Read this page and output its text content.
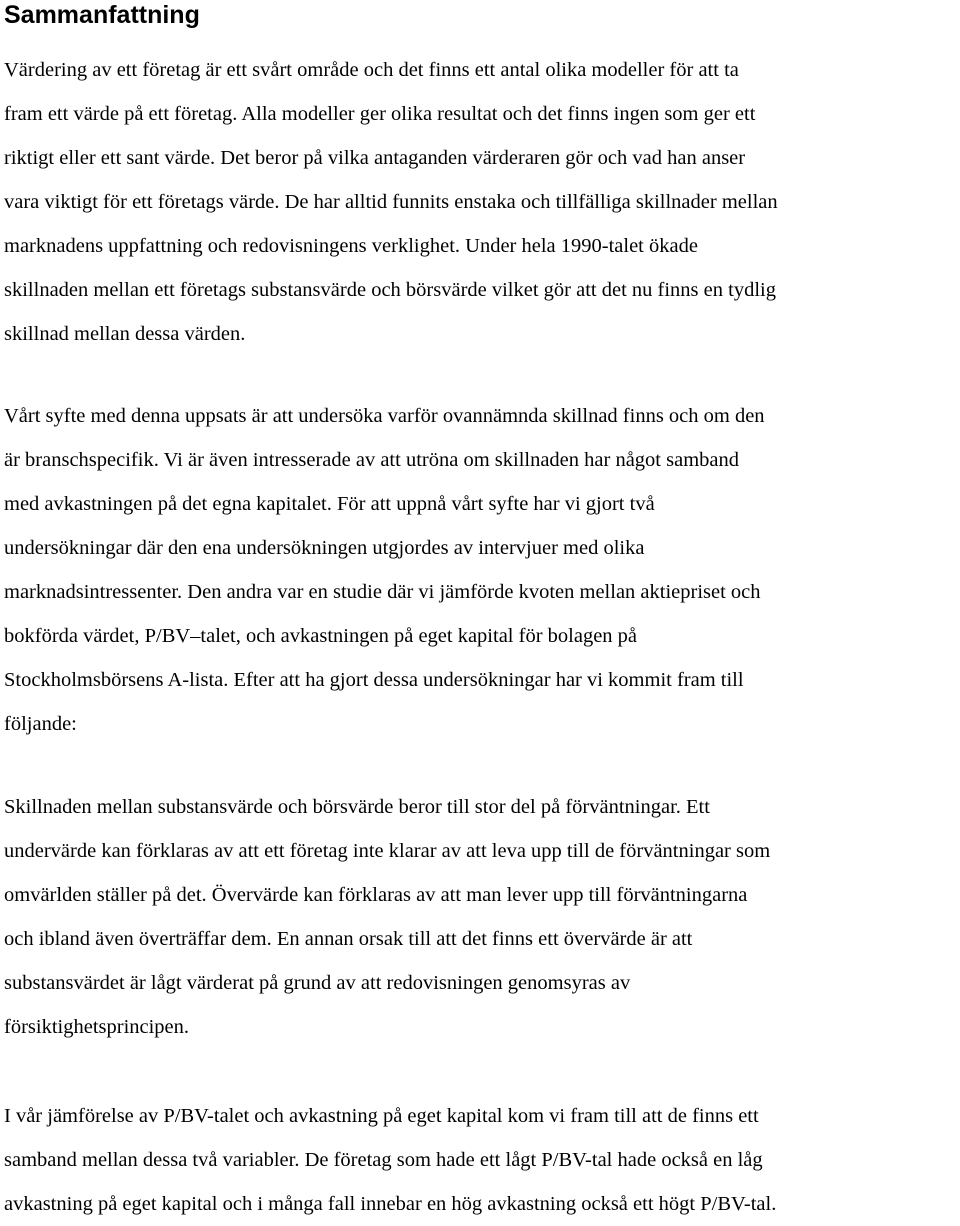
Sammanfattning
Värdering av ett företag är ett svårt område och det finns ett antal olika modeller för att ta
fram ett värde på ett företag. Alla modeller ger olika resultat och det finns ingen som ger ett
riktigt eller ett sant värde. Det beror på vilka antaganden värderaren gör och vad han anser
vara viktigt för ett företags värde. De har alltid funnits enstaka och tillfälliga skillnader mellan
marknadens uppfattning och redovisningens verklighet. Under hela 1990-talet ökade
skillnaden mellan ett företags substansvärde och börsvärde vilket gör att det nu finns en tydlig
skillnad mellan dessa värden.
Vårt syfte med denna uppsats är att undersöka varför ovannämnda skillnad finns och om den
är branschspecifik. Vi är även intresserade av att utröna om skillnaden har något samband
med avkastningen på det egna kapitalet. För att uppnå vårt syfte har vi gjort två
undersökningar där den ena undersökningen utgjordes av intervjuer med olika
marknadsintressenter. Den andra var en studie där vi jämförde kvoten mellan aktiepriset och
bokförda värdet, P/BV–talet, och avkastningen på eget kapital för bolagen på
Stockholmsbörsens A-lista. Efter att ha gjort dessa undersökningar har vi kommit fram till
följande:
Skillnaden mellan substansvärde och börsvärde beror till stor del på förväntningar. Ett
undervärde kan förklaras av att ett företag inte klarar av att leva upp till de förväntningar som
omvärlden ställer på det. Övervärde kan förklaras av att man lever upp till förväntningarna
och ibland även överträffar dem. En annan orsak till att det finns ett övervärde är att
substansvärdet är lågt värderat på grund av att redovisningen genomsyras av
försiktighetsprincipen.
I vår jämförelse av P/BV-talet och avkastning på eget kapital kom vi fram till att de finns ett
samband mellan dessa två variabler. De företag som hade ett lågt P/BV-tal hade också en låg
avkastning på eget kapital och i många fall innebar en hög avkastning också ett högt P/BV-tal.
